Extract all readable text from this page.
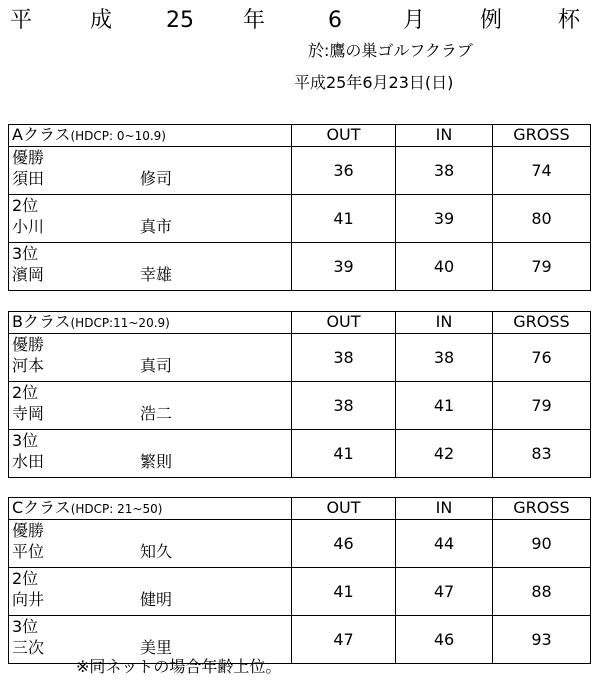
平	成 25 年	6	月 例	杯
於:鷹の巣ゴルフクラブ
平成25年6月23日(日)
Aクラス(HDCP: 0~10.9)	OUT	IN	GROSS

優勝
須田 修司	36	38	74

2位
小川 真市	41	39	80

3位
濱岡 幸雄	39	40	79
Bクラス(HDCP:11~20.9)	OUT	IN	GROSS

優勝
河本 真司	38	38	76

2位
寺岡 浩二	38	41	79

3位
水田 繁則	41	42	83
Cクラス(HDCP: 21~50)	OUT	IN	GROSS

優勝
平位 知久	46	44	90

2位
向井 健明	41	47	88

3位
三次 美里	47	46	93
※同ネットの場合年齢上位。
